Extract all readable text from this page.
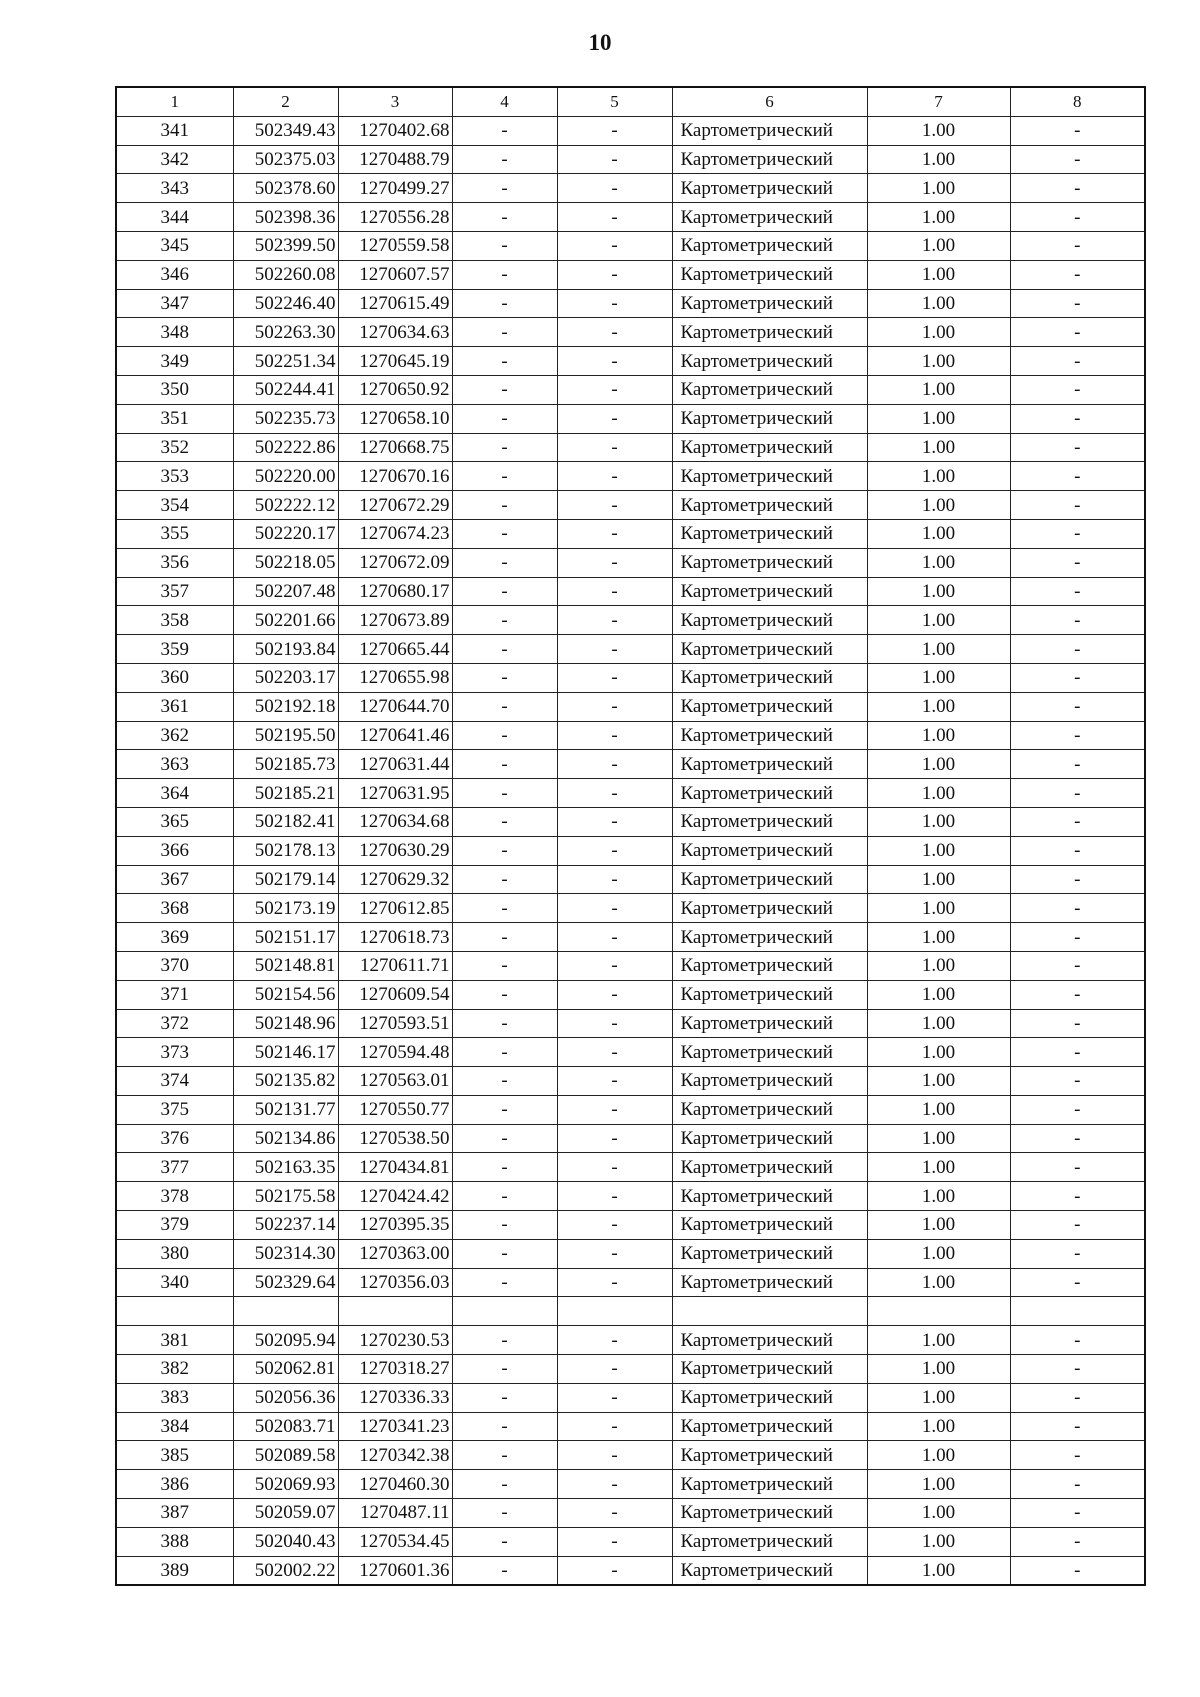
10
1	2	3	4	5	6	7	8
341	502349.43	1270402.68	-	-	Картометрический	1.00	-
342	502375.03	1270488.79	-	-	Картометрический	1.00	-
343	502378.60	1270499.27	-	-	Картометрический	1.00	-
344	502398.36	1270556.28	-	-	Картометрический	1.00	-
345	502399.50	1270559.58	-	-	Картометрический	1.00	-
346	502260.08	1270607.57	-	-	Картометрический	1.00	-
347	502246.40	1270615.49	-	-	Картометрический	1.00	-
348	502263.30	1270634.63	-	-	Картометрический	1.00	-
349	502251.34	1270645.19	-	-	Картометрический	1.00	-
350	502244.41	1270650.92	-	-	Картометрический	1.00	-
351	502235.73	1270658.10	-	-	Картометрический	1.00	-
352	502222.86	1270668.75	-	-	Картометрический	1.00	-
353	502220.00	1270670.16	-	-	Картометрический	1.00	-
354	502222.12	1270672.29	-	-	Картометрический	1.00	-
355	502220.17	1270674.23	-	-	Картометрический	1.00	-
356	502218.05	1270672.09	-	-	Картометрический	1.00	-
357	502207.48	1270680.17	-	-	Картометрический	1.00	-
358	502201.66	1270673.89	-	-	Картометрический	1.00	-
359	502193.84	1270665.44	-	-	Картометрический	1.00	-
360	502203.17	1270655.98	-	-	Картометрический	1.00	-
361	502192.18	1270644.70	-	-	Картометрический	1.00	-
362	502195.50	1270641.46	-	-	Картометрический	1.00	-
363	502185.73	1270631.44	-	-	Картометрический	1.00	-
364	502185.21	1270631.95	-	-	Картометрический	1.00	-
365	502182.41	1270634.68	-	-	Картометрический	1.00	-
366	502178.13	1270630.29	-	-	Картометрический	1.00	-
367	502179.14	1270629.32	-	-	Картометрический	1.00	-
368	502173.19	1270612.85	-	-	Картометрический	1.00	-
369	502151.17	1270618.73	-	-	Картометрический	1.00	-
370	502148.81	1270611.71	-	-	Картометрический	1.00	-
371	502154.56	1270609.54	-	-	Картометрический	1.00	-
372	502148.96	1270593.51	-	-	Картометрический	1.00	-
373	502146.17	1270594.48	-	-	Картометрический	1.00	-
374	502135.82	1270563.01	-	-	Картометрический	1.00	-
375	502131.77	1270550.77	-	-	Картометрический	1.00	-
376	502134.86	1270538.50	-	-	Картометрический	1.00	-
377	502163.35	1270434.81	-	-	Картометрический	1.00	-
378	502175.58	1270424.42	-	-	Картометрический	1.00	-
379	502237.14	1270395.35	-	-	Картометрический	1.00	-
380	502314.30	1270363.00	-	-	Картометрический	1.00	-
340	502329.64	1270356.03	-	-	Картометрический	1.00	-

381	502095.94	1270230.53	-	-	Картометрический	1.00	-
382	502062.81	1270318.27	-	-	Картометрический	1.00	-
383	502056.36	1270336.33	-	-	Картометрический	1.00	-
384	502083.71	1270341.23	-	-	Картометрический	1.00	-
385	502089.58	1270342.38	-	-	Картометрический	1.00	-
386	502069.93	1270460.30	-	-	Картометрический	1.00	-
387	502059.07	1270487.11	-	-	Картометрический	1.00	-
388	502040.43	1270534.45	-	-	Картометрический	1.00	-
389	502002.22	1270601.36	-	-	Картометрический	1.00	-
